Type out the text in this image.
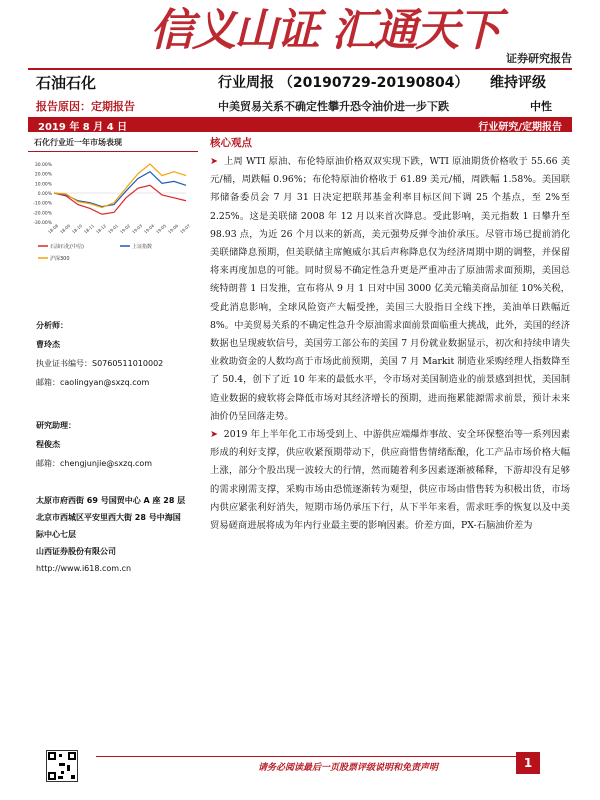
信义山证 汇通天下
证券研究报告
石油石化
报告原因：定期报告
行业周报 （20190729-20190804）
中美贸易关系不确定性攀升恐令油价进一步下跌
维持评级
中性
2019 年 8 月 4 日	行业研究/定期报告
石化行业近一年市场表现
30.00%
20.00%
10.00%
0.00%
-10.00%
-20.00%
-30.00%
18-08 18-09 18-10 18-11 18-12 19-01 19-02 19-03 19-04 19-05 19-06 19-07
石油石化(中信)	上证指数
沪深300
分析师：
曹玲杰
执业证书编号：S0760511010002
邮箱：caolingyan@sxzq.com
研究助理：
程俊杰
邮箱：chengjunjie@sxzq.com
太原市府西街 69 号国贸中心 A 座 28 层
北京市西城区平安里西大街 28 号中海国
际中心七层
山西证券股份有限公司
http://www.i618.com.cn
核心观点

➤ 上周 WTI 原油、布伦特原油价格双双实现下跌，WTI 原油期货价格收于 55.66 美元/桶，周跌幅 0.96%；布伦特原油价格收于 61.89 美元/桶，周跌幅 1.58%。美国联邦储备委员会 7 月 31 日决定把联邦基金利率目标区间下调 25 个基点，至 2%至 2.25%。这是美联储 2008 年 12 月以来首次降息。受此影响，美元指数 1 日攀升至 98.93 点，为近 26 个月以来的新高，美元强势反弹令油价承压。尽管市场已提前消化美联储降息预期，但美联储主席鲍威尔其后声称降息仅为经济周期中期的调整，并保留将来再度加息的可能。同时贸易不确定性急升更是严重冲击了原油需求面预期，美国总统特朗普 1 日发推，宣布将从 9 月 1 日对中国 3000 亿美元输美商品加征 10%关税，受此消息影响，全球风险资产大幅受挫，美国三大股指日全线下挫，美油单日跌幅近 8%。中美贸易关系的不确定性急升令原油需求面前景面临重大挑战，此外，美国的经济数据也呈现疲软信号，美国劳工部公布的美国 7 月份就业数据显示，初次和持续申请失业救助资金的人数均高于市场此前预期，美国 7 月 Markit 制造业采购经理人指数降至了 50.4，创下了近 10 年来的最低水平，令市场对美国制造业的前景感到担忧，美国制造业数据的疲软将会降低市场对其经济增长的预期，进而拖累能源需求前景，预计未来油价仍呈回落走势。

➤ 2019 年上半年化工市场受到上、中游供应端爆炸事故、安全环保整治等一系列因素形成的利好支撑，供应收紧预期带动下，供应商惜售情绪酝酿，化工产品市场价格大幅上涨，部分个股出现一波较大的行情，然而随着利多因素逐渐被稀释，下游却没有足够的需求刚需支撑，采购市场由恐慌逐渐转为观望，供应市场由惜售转为积极出货，市场内供应紧张利好消失，短期市场仍承压下行，从下半年来看，需求旺季的恢复以及中美贸易磋商进展将成为年内行业最主要的影响因素。价差方面，PX-石脑油价差为

请务必阅读最后一页股票评级说明和免责声明	1
